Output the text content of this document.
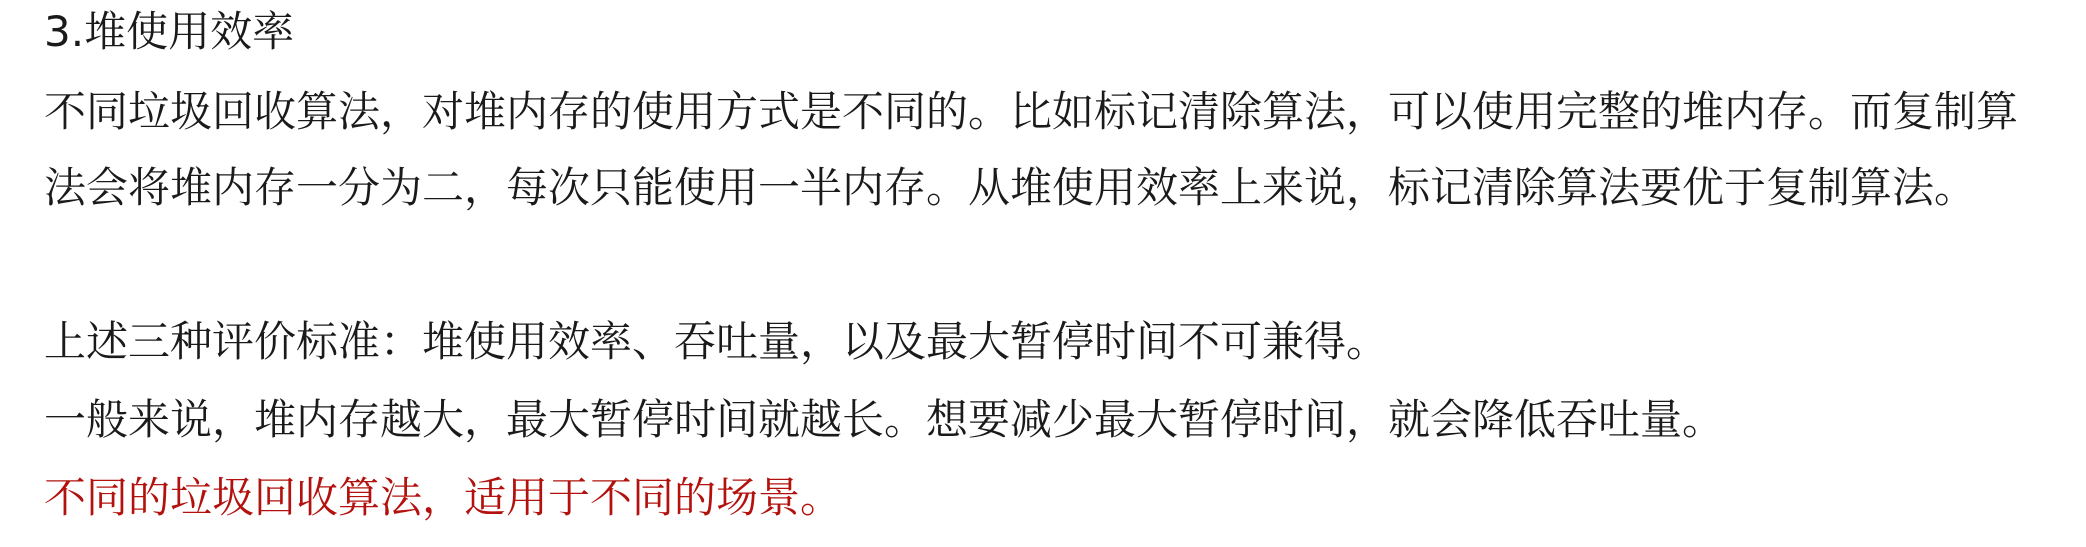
3.堆使用效率
不同垃圾回收算法，对堆内存的使用方式是不同的。比如标记清除算法，可以使用完整的堆内存。而复制算
法会将堆内存一分为二，每次只能使用一半内存。从堆使用效率上来说，标记清除算法要优于复制算法。
上述三种评价标准：堆使用效率、吞吐量，以及最大暂停时间不可兼得。
一般来说，堆内存越大，最大暂停时间就越长。想要减少最大暂停时间，就会降低吞吐量。
不同的垃圾回收算法，适用于不同的场景。
